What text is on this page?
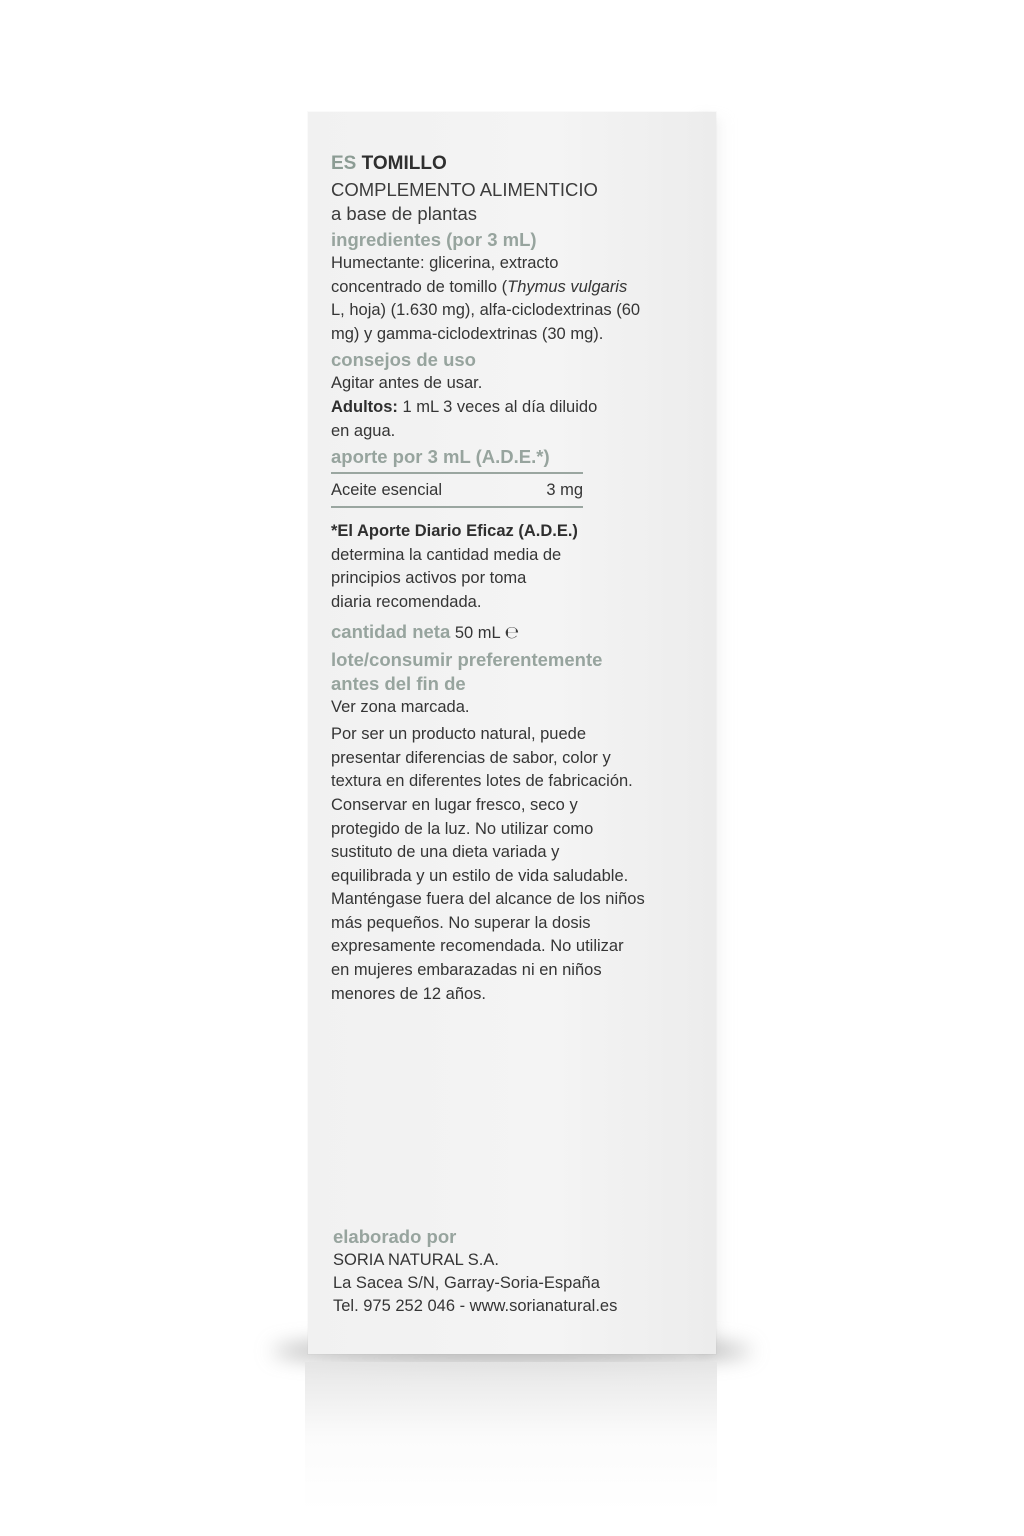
ES TOMILLO
COMPLEMENTO ALIMENTICIO
a base de plantas
ingredientes (por 3 mL)
Humectante: glicerina, extracto
concentrado de tomillo (Thymus vulgaris
L, hoja) (1.630 mg), alfa-ciclodextrinas (60
mg) y gamma-ciclodextrinas (30 mg).
consejos de uso
Agitar antes de usar.
Adultos: 1 mL 3 veces al día diluido
en agua.
aporte por 3 mL (A.D.E.*)
Aceite esencial	3 mg
*El Aporte Diario Eficaz (A.D.E.)
determina la cantidad media de
principios activos por toma
diaria recomendada.
cantidad neta 50 mL ℮
lote/consumir preferentemente
antes del fin de
Ver zona marcada.
Por ser un producto natural, puede
presentar diferencias de sabor, color y
textura en diferentes lotes de fabricación.
Conservar en lugar fresco, seco y
protegido de la luz. No utilizar como
sustituto de una dieta variada y
equilibrada y un estilo de vida saludable.
Manténgase fuera del alcance de los niños
más pequeños. No superar la dosis
expresamente recomendada. No utilizar
en mujeres embarazadas ni en niños
menores de 12 años.
elaborado por
SORIA NATURAL S.A.
La Sacea S/N, Garray-Soria-España
Tel. 975 252 046 - www.sorianatural.es
